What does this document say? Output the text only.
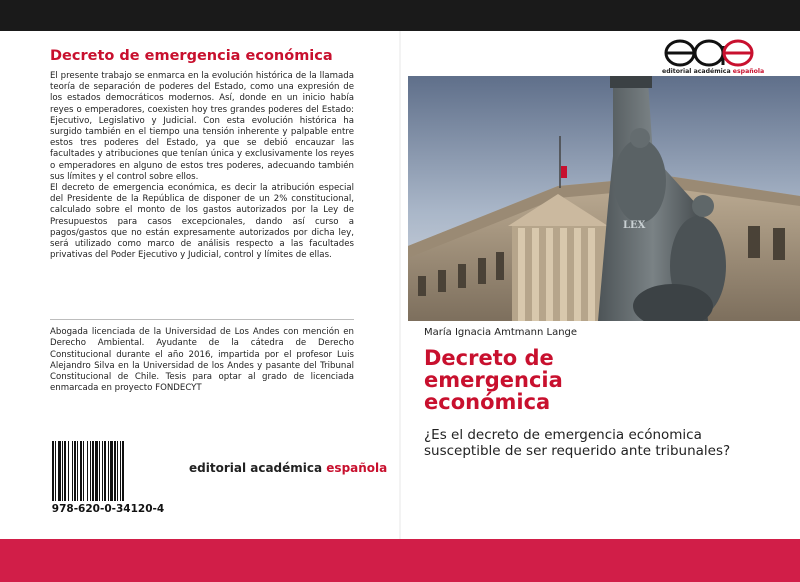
Decreto de emergencia económica

El presente trabajo se enmarca en la evolución histórica de la llamada teoría de separación de poderes del Estado, como una expresión de los estados democráticos modernos. Así, donde en un inicio había reyes o emperadores, coexisten hoy tres grandes poderes del Estado: Ejecutivo, Legislativo y Judicial. Con esta evolución histórica ha surgido también en el tiempo una tensión inherente y palpable entre estos tres poderes del Estado, ya que se debió encauzar las facultades y atribuciones que tenían única y exclusivamente los reyes o emperadores en alguno de estos tres poderes, adecuando también sus límites y el control sobre ellos.

El decreto de emergencia económica, es decir la atribución especial del Presidente de la República de disponer de un 2% constitucional, calculado sobre el monto de los gastos autorizados por la Ley de Presupuestos para casos excepcionales, dando así curso a pagos/gastos que no están expresamente autorizados por dicha ley, será utilizado como marco de análisis respecto a las facultades privativas del Poder Ejecutivo y Judicial, control y límites de ellas.

Abogada licenciada de la Universidad de Los Andes con mención en Derecho Ambiental. Ayudante de la cátedra de Derecho Constitucional durante el año 2016, impartida por el profesor Luis Alejandro Silva en la Universidad de los Andes y pasante del Tribunal Constitucional de Chile. Tesis para optar al grado de licenciada enmarcada en proyecto FONDECYT
978-620-0-34120-4
editorial académica española
editorial académica española
LEX
María Ignacia Amtmann Lange
Decreto de
emergencia
económica
¿Es el decreto de emergencia ecónomica susceptible de ser requerido ante tribunales?
